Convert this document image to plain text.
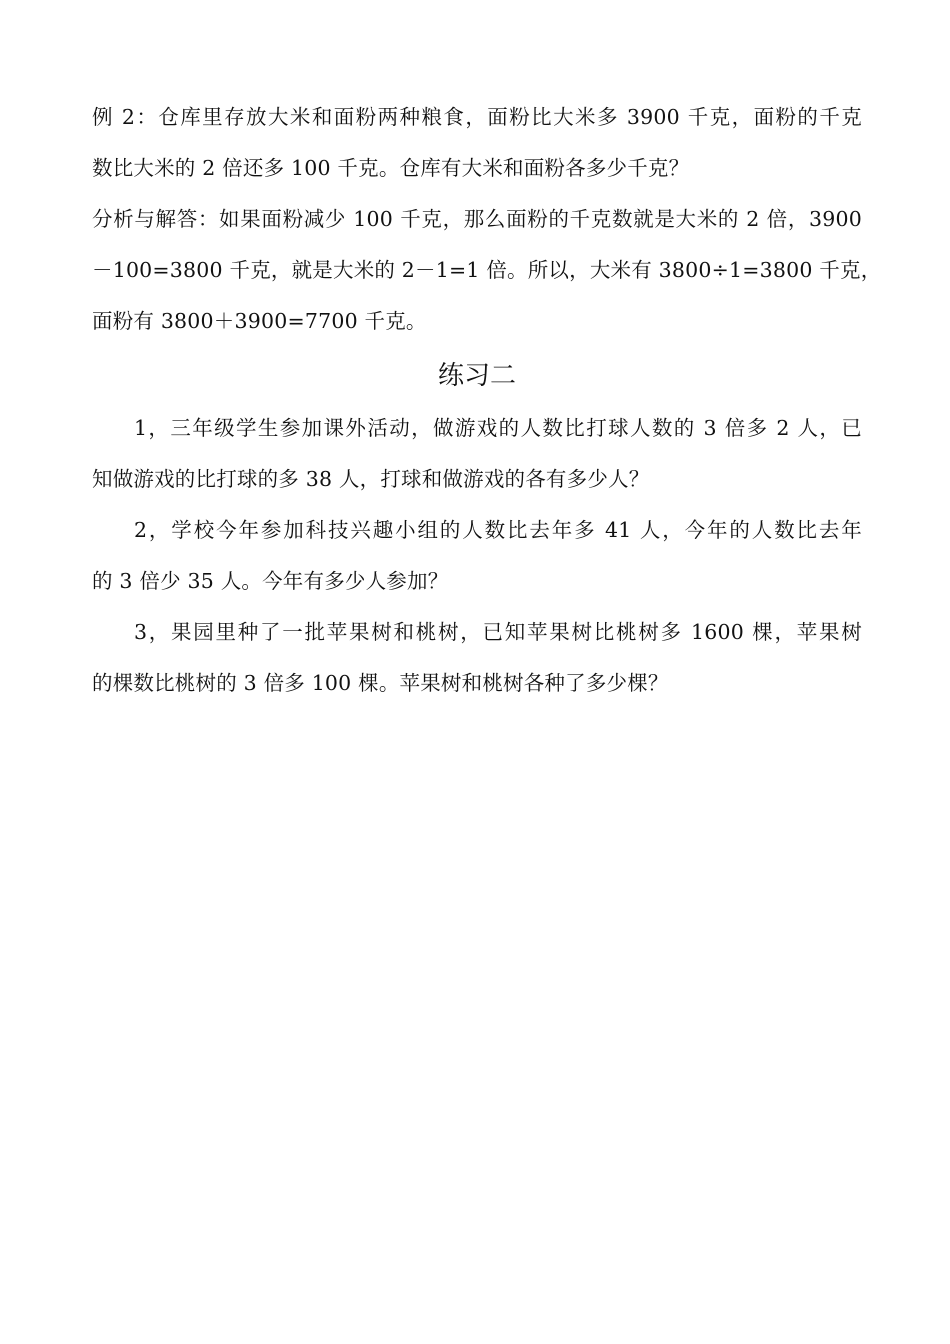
例 2：仓库里存放大米和面粉两种粮食，面粉比大米多 3900 千克，面粉的千克
数比大米的 2 倍还多 100 千克。仓库有大米和面粉各多少千克？
分析与解答：如果面粉减少 100 千克，那么面粉的千克数就是大米的 2 倍，3900
－100=3800 千克，就是大米的 2－1=1 倍。所以，大米有 3800÷1=3800 千克，
面粉有 3800＋3900=7700 千克。
练习二
1，三年级学生参加课外活动，做游戏的人数比打球人数的 3 倍多 2 人，已
知做游戏的比打球的多 38 人，打球和做游戏的各有多少人？
2，学校今年参加科技兴趣小组的人数比去年多 41 人，今年的人数比去年
的 3 倍少 35 人。今年有多少人参加？
3，果园里种了一批苹果树和桃树，已知苹果树比桃树多 1600 棵，苹果树
的棵数比桃树的 3 倍多 100 棵。苹果树和桃树各种了多少棵？
